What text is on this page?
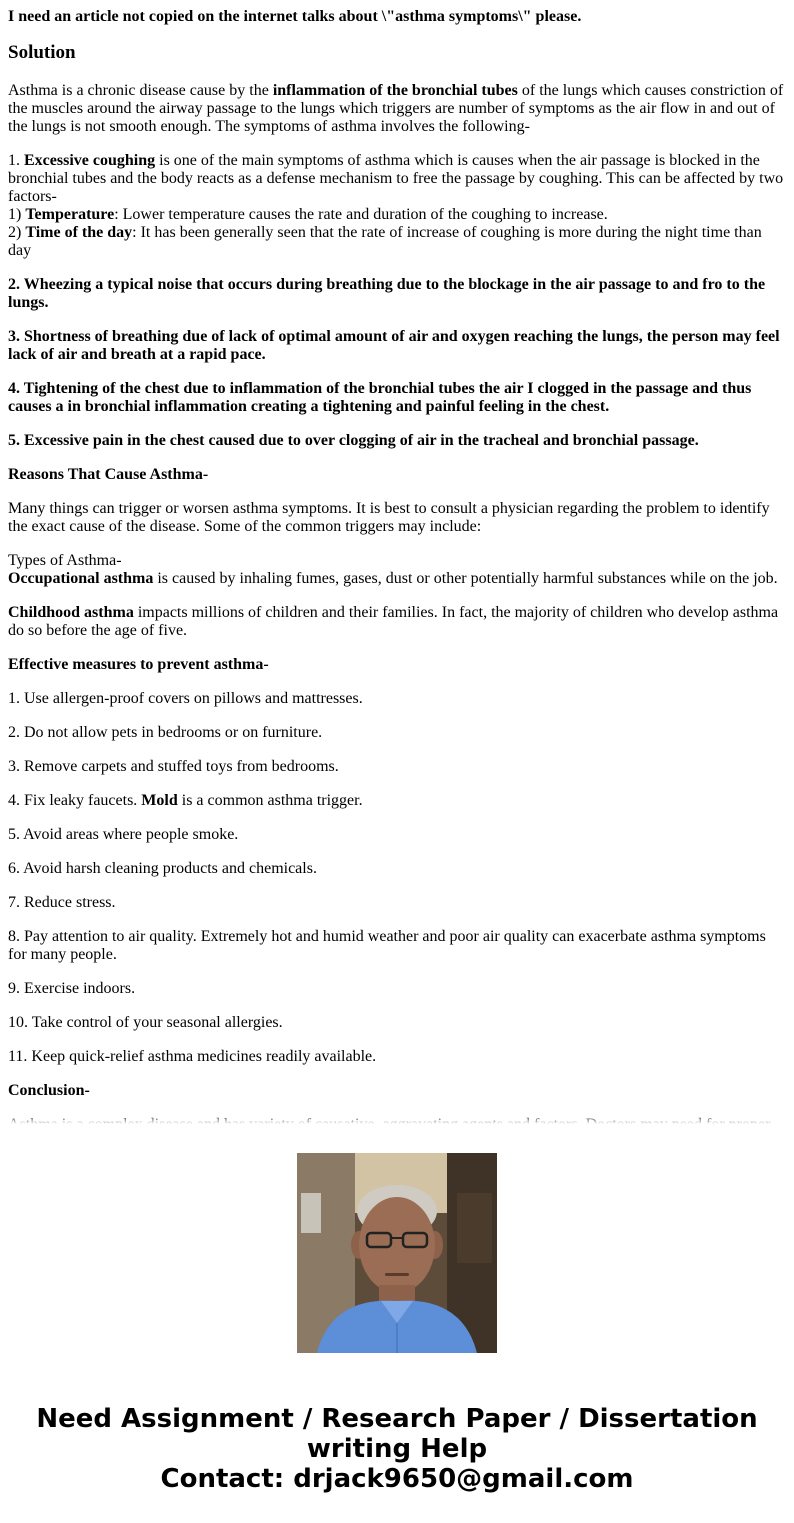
I need an article not copied on the internet talks about \"asthma symptoms\" please.

Solution

Asthma is a chronic disease cause by the inflammation of the bronchial tubes of the lungs which causes constriction of the muscles around the airway passage to the lungs which triggers are number of symptoms as the air flow in and out of the lungs is not smooth enough. The symptoms of asthma involves the following-

1. Excessive coughing is one of the main symptoms of asthma which is causes when the air passage is blocked in the bronchial tubes and the body reacts as a defense mechanism to free the passage by coughing. This can be affected by two factors-
1) Temperature: Lower temperature causes the rate and duration of the coughing to increase.
2) Time of the day: It has been generally seen that the rate of increase of coughing is more during the night time than day

2. Wheezing a typical noise that occurs during breathing due to the blockage in the air passage to and fro to the lungs.

3. Shortness of breathing due of lack of optimal amount of air and oxygen reaching the lungs, the person may feel lack of air and breath at a rapid pace.

4. Tightening of the chest due to inflammation of the bronchial tubes the air I clogged in the passage and thus causes a in bronchial inflammation creating a tightening and painful feeling in the chest.

5. Excessive pain in the chest caused due to over clogging of air in the tracheal and bronchial passage.

Reasons That Cause Asthma-

Many things can trigger or worsen asthma symptoms. It is best to consult a physician regarding the problem to identify the exact cause of the disease. Some of the common triggers may include:

Types of Asthma-
Occupational asthma is caused by inhaling fumes, gases, dust or other potentially harmful substances while on the job.

Childhood asthma impacts millions of children and their families. In fact, the majority of children who develop asthma do so before the age of five.

Effective measures to prevent asthma-

1. Use allergen-proof covers on pillows and mattresses.

2. Do not allow pets in bedrooms or on furniture.

3. Remove carpets and stuffed toys from bedrooms.

4. Fix leaky faucets. Mold is a common asthma trigger.

5. Avoid areas where people smoke.

6. Avoid harsh cleaning products and chemicals.

7. Reduce stress.

8. Pay attention to air quality. Extremely hot and humid weather and poor air quality can exacerbate asthma symptoms for many people.

9. Exercise indoors.

10. Take control of your seasonal allergies.

11. Keep quick-relief asthma medicines readily available.

Conclusion-

Need Assignment / Research Paper / Dissertation
writing Help
Contact: drjack9650@gmail.com
